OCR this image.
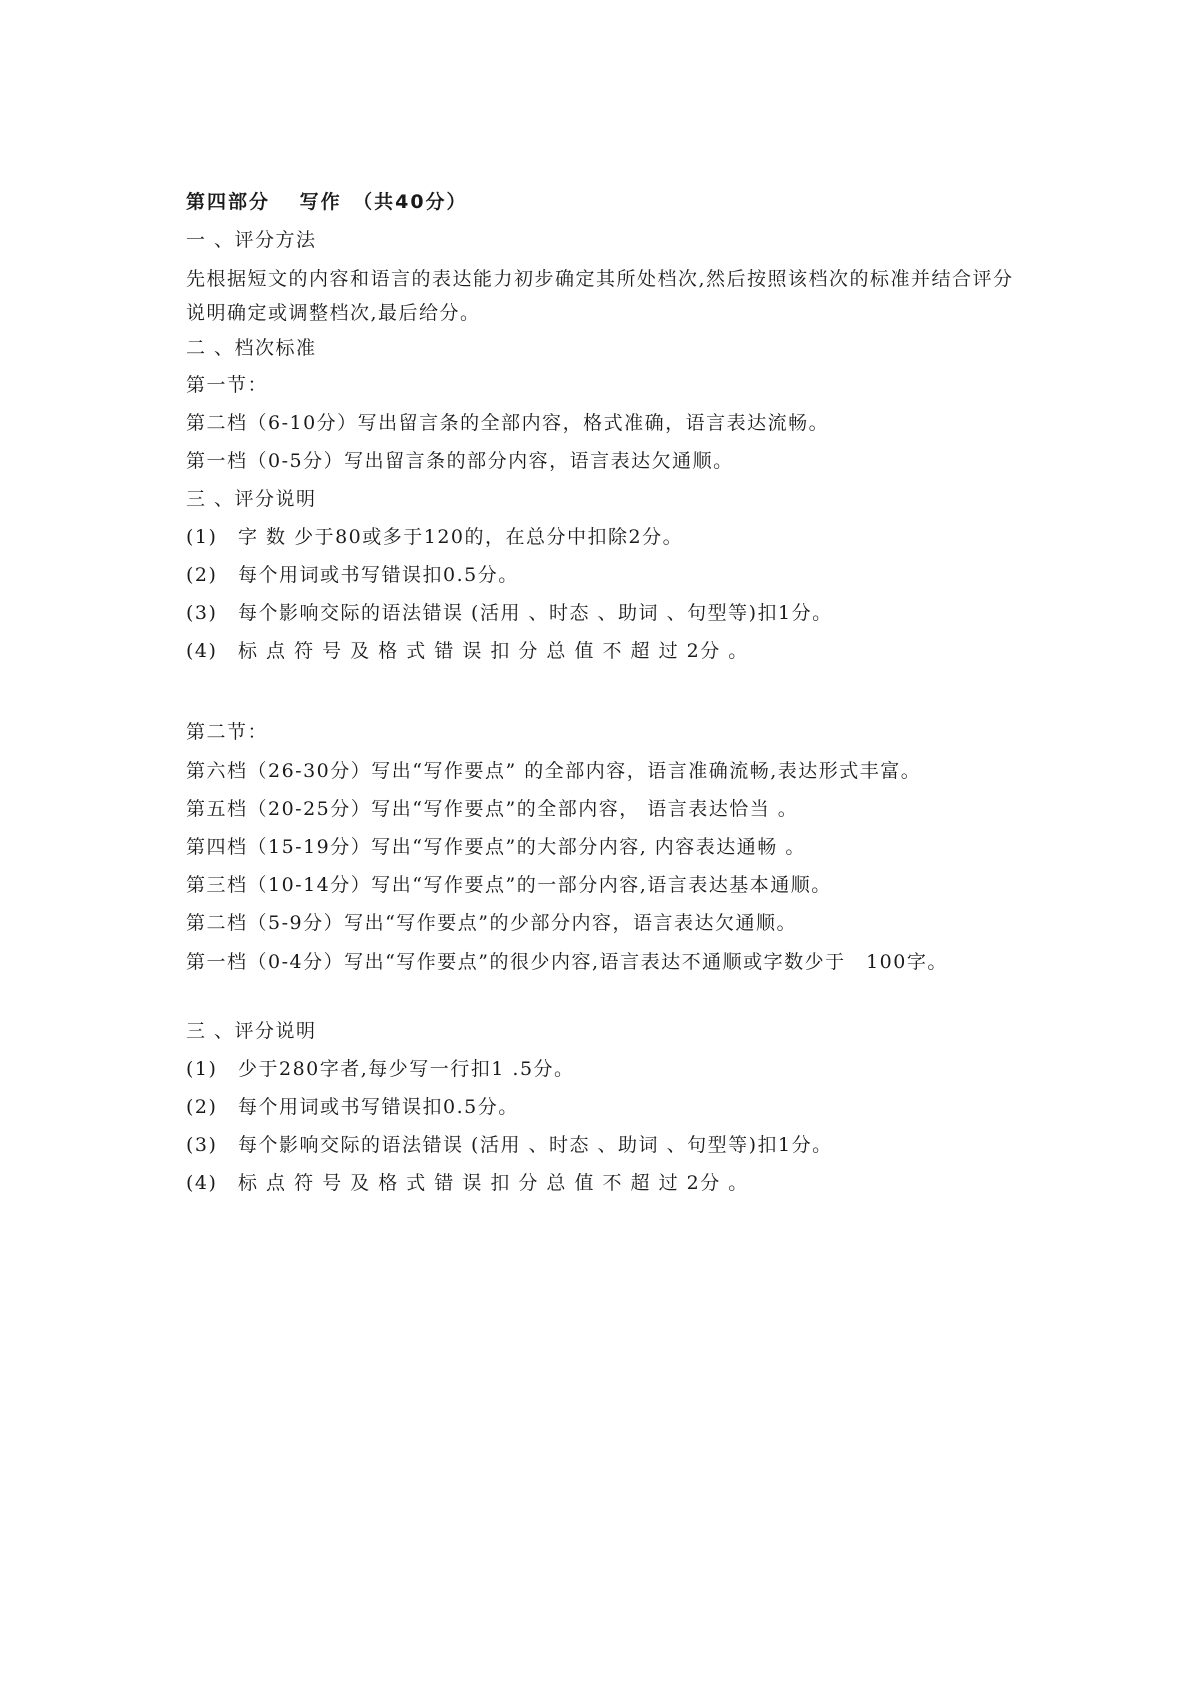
第四部分　 写作　（共40分）
一 、评分方法
先根据短文的内容和语言的表达能力初步确定其所处档次,然后按照该档次的标准并结合评分说明确定或调整档次,最后给分。
二 、档次标准
第一节：
第二档（6-10分）写出留言条的全部内容，格式准确，语言表达流畅。
第一档（0-5分）写出留言条的部分内容，语言表达欠通顺。
三 、评分说明
(1) 字 数 少于80或多于120的，在总分中扣除2分。
(2) 每个用词或书写错误扣0.5分。
(3) 每个影响交际的语法错误 (活用 、时态 、助词 、句型等)扣1分。
(4) 标 点 符 号 及 格 式 错 误 扣 分 总 值 不 超 过 2分 。
第二节：
第六档（26-30分）写出“写作要点” 的全部内容，语言准确流畅,表达形式丰富。
第五档（20-25分）写出“写作要点”的全部内容， 语言表达恰当 。
第四档（15-19分）写出“写作要点”的大部分内容, 内容表达通畅 。
第三档（10-14分）写出“写作要点”的一部分内容,语言表达基本通顺。
第二档（5-9分）写出“写作要点”的少部分内容，语言表达欠通顺。
第一档（0-4分）写出“写作要点”的很少内容,语言表达不通顺或字数少于　100字。
三 、评分说明
(1) 少于280字者,每少写一行扣1 .5分。
(2) 每个用词或书写错误扣0.5分。
(3) 每个影响交际的语法错误 (活用 、时态 、助词 、句型等)扣1分。
(4) 标 点 符 号 及 格 式 错 误 扣 分 总 值 不 超 过 2分 。
